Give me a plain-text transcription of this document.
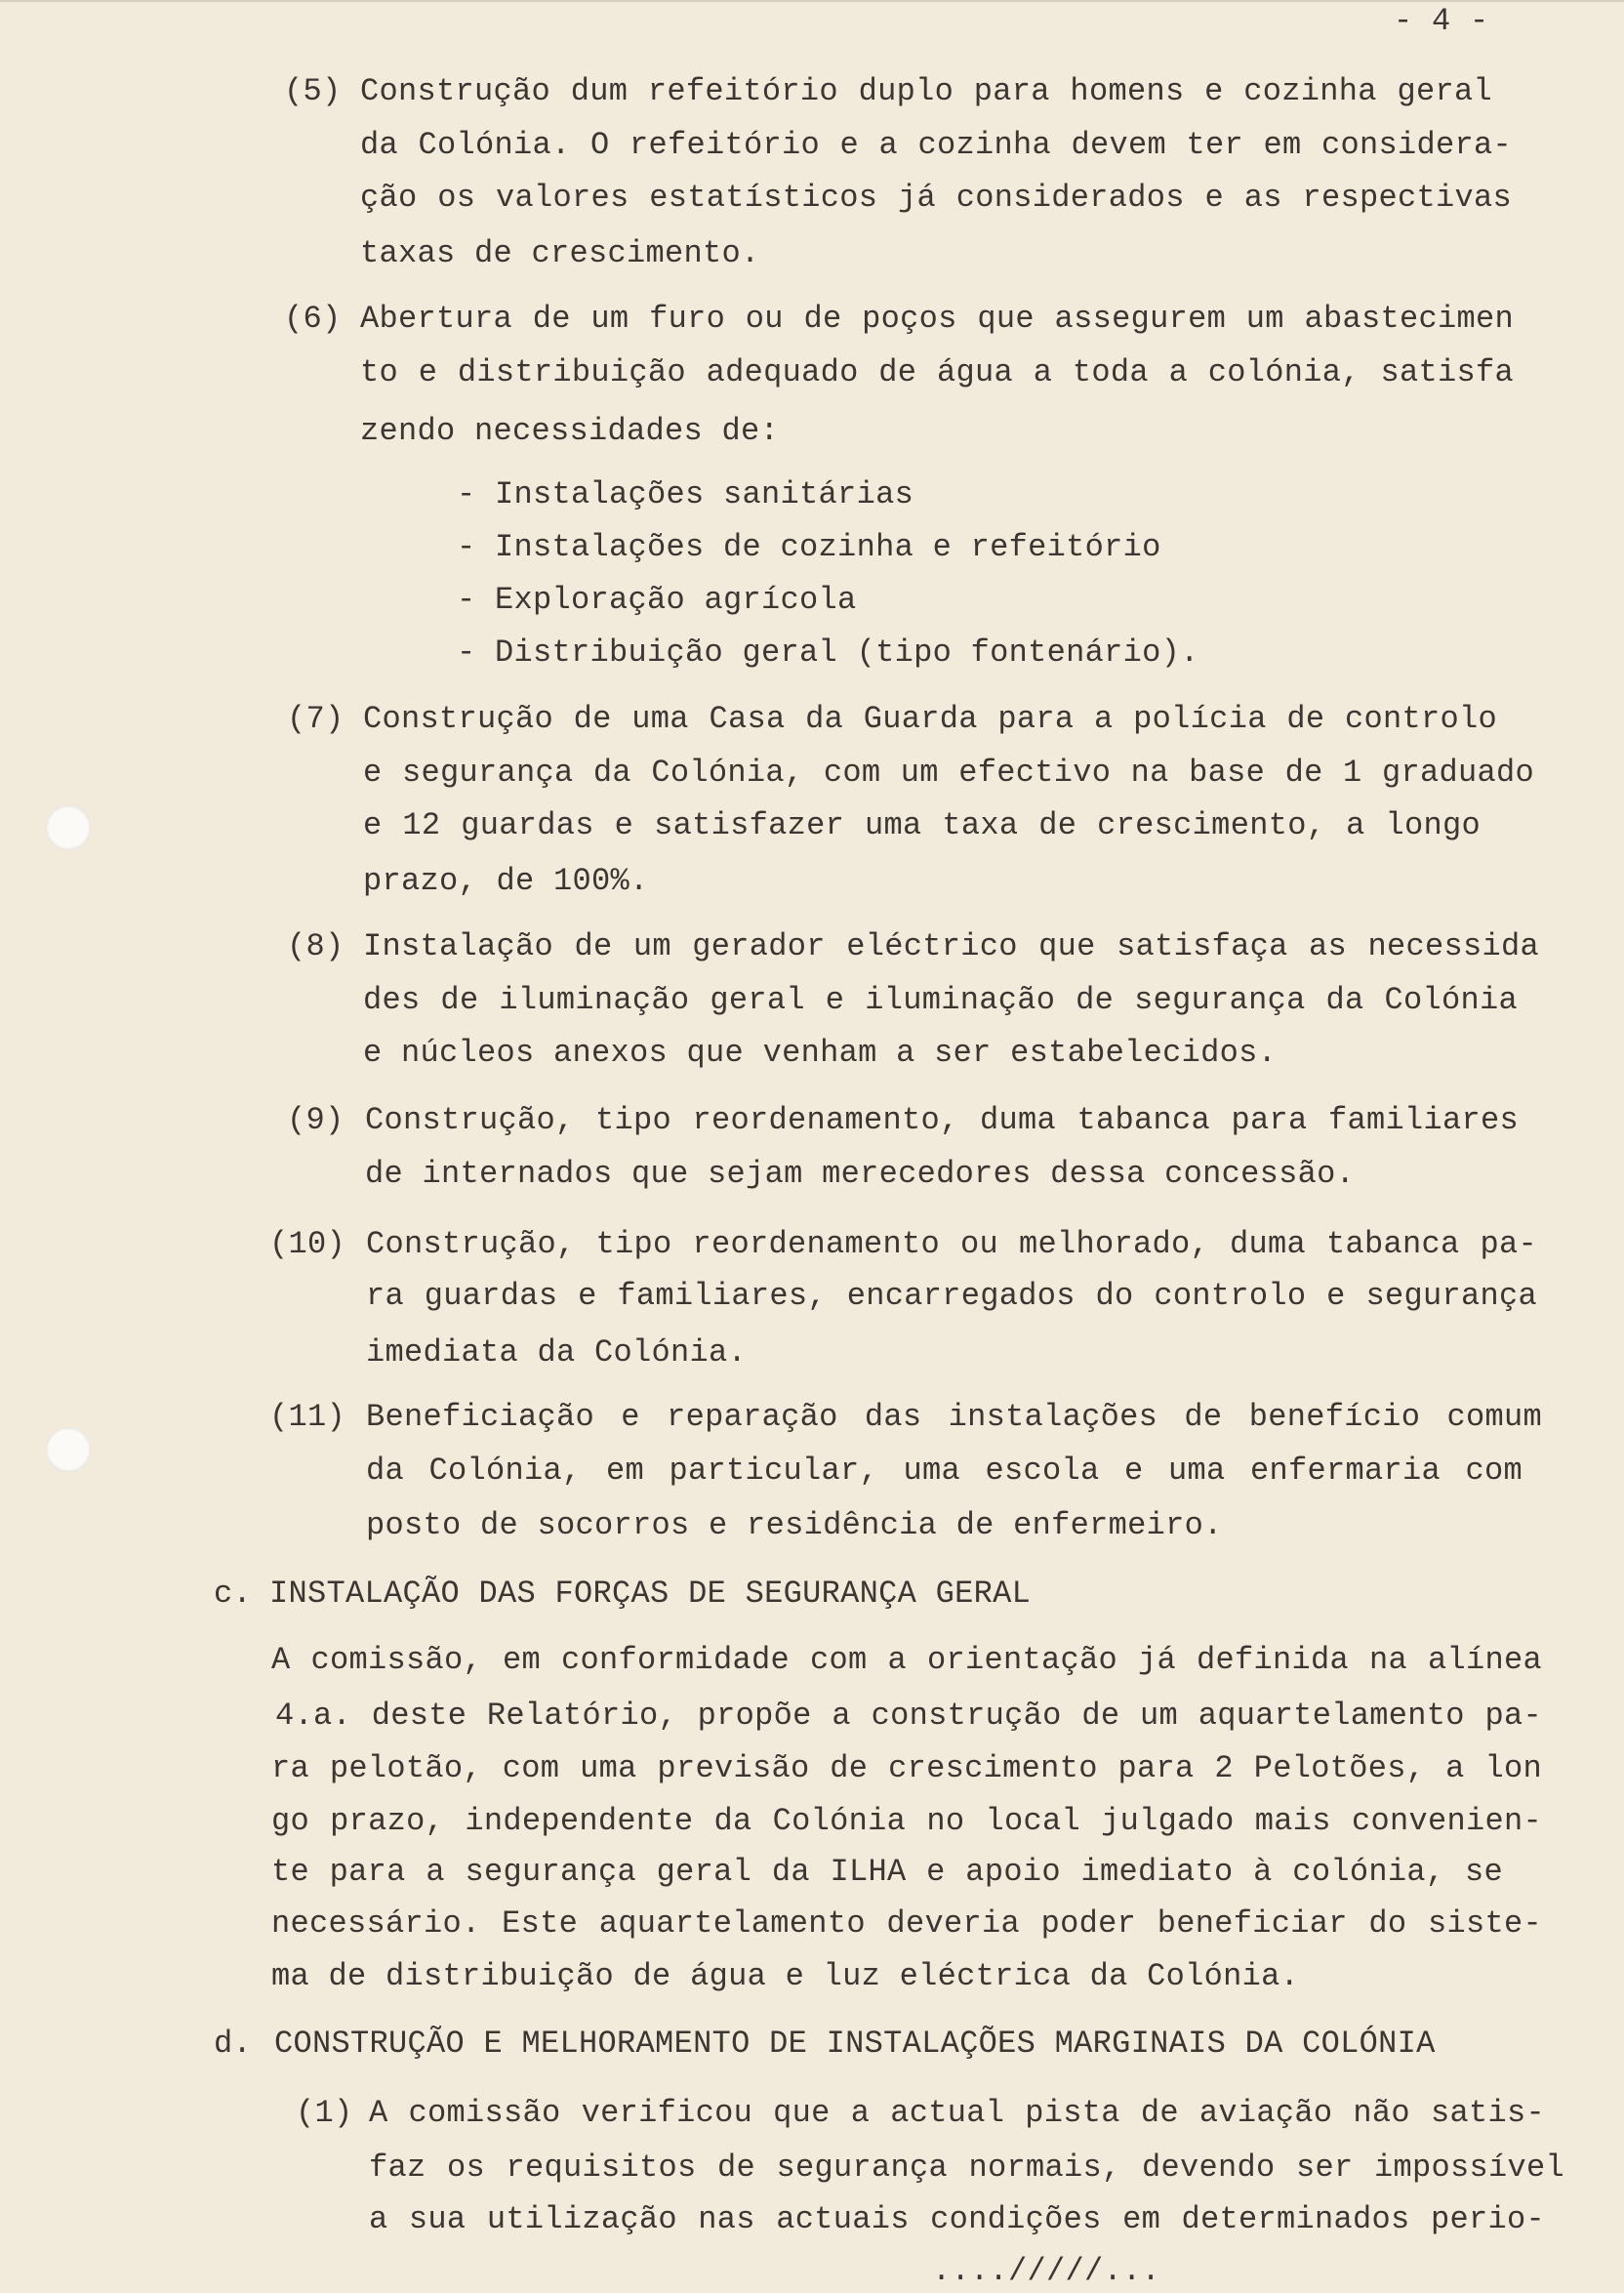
- 4 -
(5) Construção dum refeitório duplo para homens e cozinha geral
da Colónia. O refeitório e a cozinha devem ter em considera-
ção os valores estatísticos já considerados e as respectivas
taxas de crescimento.
(6) Abertura de um furo ou de poços que assegurem um abastecimen
to e distribuição adequado de água a toda a colónia, satisfa
zendo necessidades de:
- Instalações sanitárias
- Instalações de cozinha e refeitório
- Exploração agrícola
- Distribuição geral (tipo fontenário).
(7) Construção de uma Casa da Guarda para a polícia de controlo
e segurança da Colónia, com um efectivo na base de 1 graduado
e 12 guardas e satisfazer uma taxa de crescimento, a longo
prazo, de 100%.
(8) Instalação de um gerador eléctrico que satisfaça as necessida
des de iluminação geral e iluminação de segurança da Colónia
e núcleos anexos que venham a ser estabelecidos.
(9) Construção, tipo reordenamento, duma tabanca para familiares
de internados que sejam merecedores dessa concessão.
(10) Construção, tipo reordenamento ou melhorado, duma tabanca pa-
ra guardas e familiares, encarregados do controlo e segurança
imediata da Colónia.
(11) Beneficiação e reparação das instalações de benefício comum
da Colónia, em particular, uma escola e uma enfermaria com
posto de socorros e residência de enfermeiro.
c. INSTALAÇÃO DAS FORÇAS DE SEGURANÇA GERAL
A comissão, em conformidade com a orientação já definida na alínea
4.a. deste Relatório, propõe a construção de um aquartelamento pa-
ra pelotão, com uma previsão de crescimento para 2 Pelotões, a lon
go prazo, independente da Colónia no local julgado mais convenien-
te para a segurança geral da ILHA e apoio imediato à colónia, se
necessário. Este aquartelamento deveria poder beneficiar do siste-
ma de distribuição de água e luz eléctrica da Colónia.
d. CONSTRUÇÃO E MELHORAMENTO DE INSTALAÇÕES MARGINAIS DA COLÓNIA
(1) A comissão verificou que a actual pista de aviação não satis-
faz os requisitos de segurança normais, devendo ser impossível
a sua utilização nas actuais condições em determinados perio-
..../////...
